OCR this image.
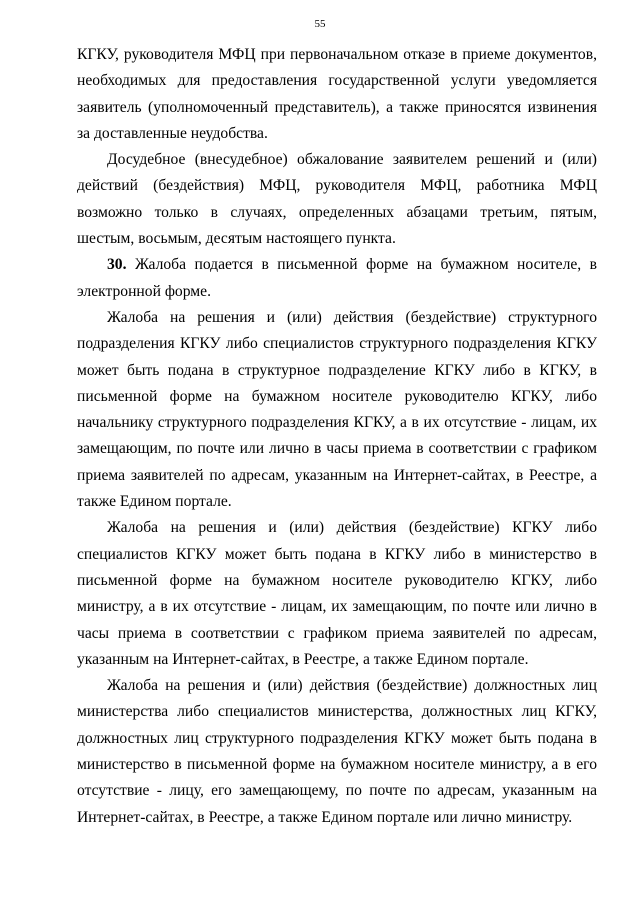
55

КГКУ, руководителя МФЦ при первоначальном отказе в приеме документов, необходимых для предоставления государственной услуги уведомляется заявитель (уполномоченный представитель), а также приносятся извинения за доставленные неудобства.

Досудебное (внесудебное) обжалование заявителем решений и (или) действий (бездействия) МФЦ, руководителя МФЦ, работника МФЦ возможно только в случаях, определенных абзацами третьим, пятым, шестым, восьмым, десятым настоящего пункта.

30. Жалоба подается в письменной форме на бумажном носителе, в электронной форме.

Жалоба на решения и (или) действия (бездействие) структурного подразделения КГКУ либо специалистов структурного подразделения КГКУ может быть подана в структурное подразделение КГКУ либо в КГКУ, в письменной форме на бумажном носителе руководителю КГКУ, либо начальнику структурного подразделения КГКУ, а в их отсутствие - лицам, их замещающим, по почте или лично в часы приема в соответствии с графиком приема заявителей по адресам, указанным на Интернет-сайтах, в Реестре, а также Едином портале.

Жалоба на решения и (или) действия (бездействие) КГКУ либо специалистов КГКУ может быть подана в КГКУ либо в министерство в письменной форме на бумажном носителе руководителю КГКУ, либо министру, а в их отсутствие - лицам, их замещающим, по почте или лично в часы приема в соответствии с графиком приема заявителей по адресам, указанным на Интернет-сайтах, в Реестре, а также Едином портале.

Жалоба на решения и (или) действия (бездействие) должностных лиц министерства либо специалистов министерства, должностных лиц КГКУ, должностных лиц структурного подразделения КГКУ может быть подана в министерство в письменной форме на бумажном носителе министру, а в его отсутствие - лицу, его замещающему, по почте по адресам, указанным на Интернет-сайтах, в Реестре, а также Едином портале или лично министру.
